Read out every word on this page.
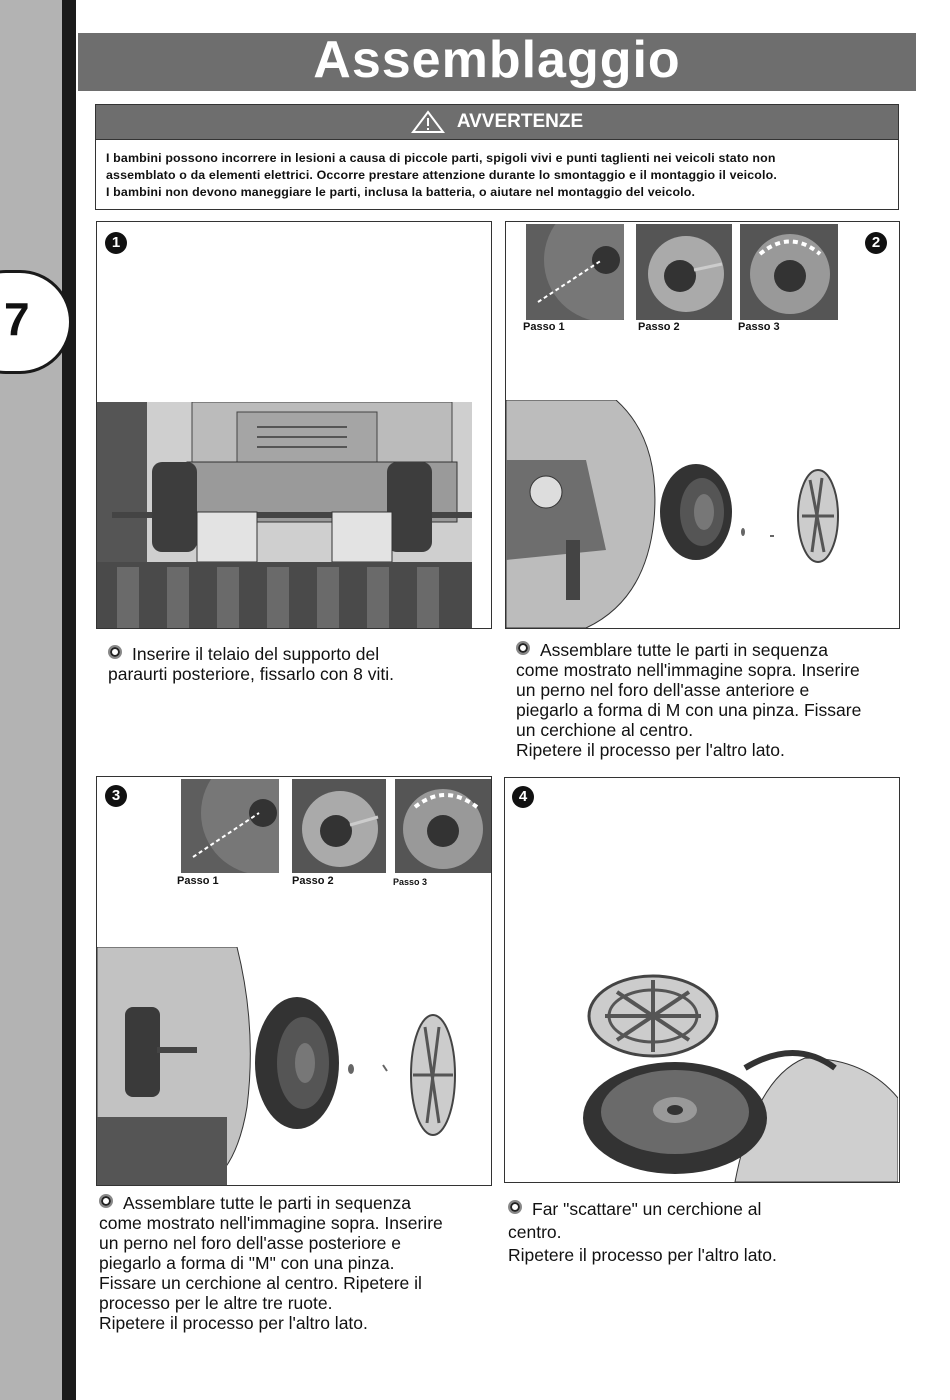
7
Assemblaggio
AVVERTENZE
I bambini possono incorrere in lesioni a causa di piccole parti, spigoli vivi e punti taglienti nei veicoli stato non
assemblato o da elementi elettrici. Occorre prestare attenzione durante lo smontaggio e il montaggio il veicolo.
I bambini non devono maneggiare le parti, inclusa la batteria, o aiutare nel montaggio del veicolo.
1
Inserire il telaio del supporto del
paraurti posteriore, fissarlo con 8 viti.
2
Passo 1	Passo 2	Passo 3
Assemblare tutte le parti in sequenza
come mostrato nell'immagine sopra. Inserire
un perno nel foro dell'asse anteriore e
piegarlo a forma di M con una pinza. Fissare
un cerchione al centro.
Ripetere il processo per l'altro lato.
3
Passo 1	Passo 2	Passo 3
Assemblare tutte le parti in sequenza
come mostrato nell'immagine sopra. Inserire
un perno nel foro dell'asse posteriore e
piegarlo a forma di "M" con una pinza.
Fissare un cerchione al centro. Ripetere il
processo per le altre tre ruote.
Ripetere il processo per l'altro lato.
4
Far "scattare" un cerchione al
centro.
Ripetere il processo per l'altro lato.
